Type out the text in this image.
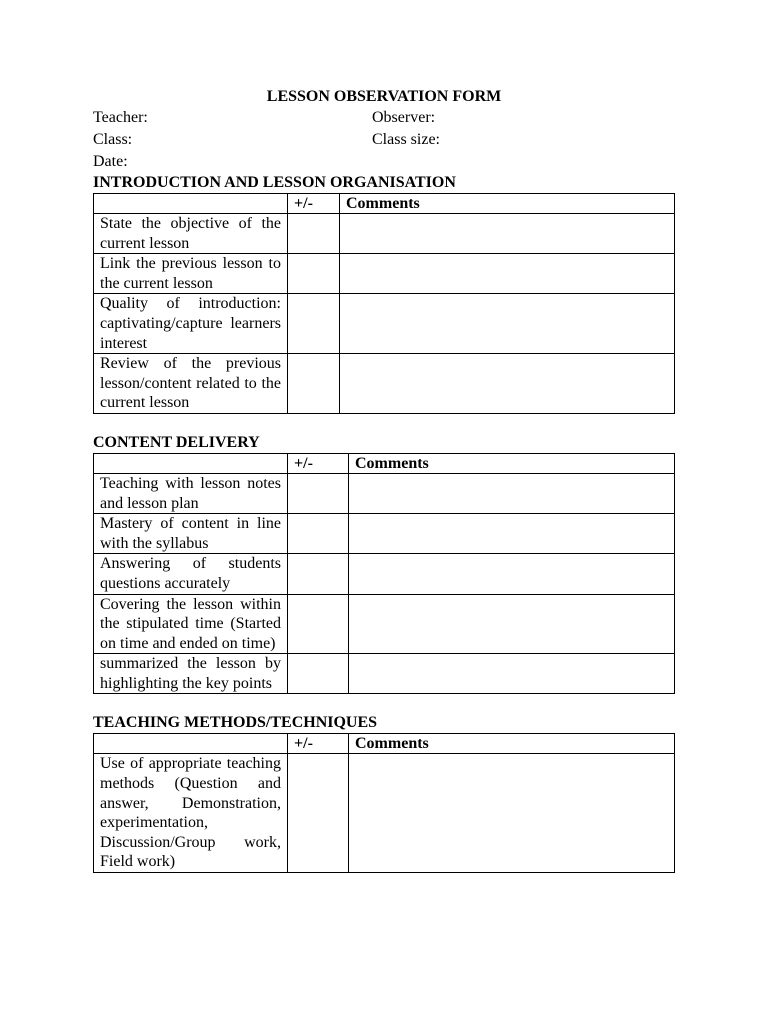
LESSON OBSERVATION FORM
Teacher:	Observer:
Class:	Class size:
Date:
INTRODUCTION AND LESSON ORGANISATION
	+/-	Comments
State the objective of the current lesson		
Link the previous lesson to the current lesson		
Quality of introduction: captivating/capture learners interest		
Review of the previous lesson/content related to the current lesson		
CONTENT DELIVERY
	+/-	Comments
Teaching with lesson notes and lesson plan		
Mastery of content in line with the syllabus		
Answering of students questions accurately		
Covering the lesson within the stipulated time (Started on time and ended on time)		
summarized the lesson by highlighting the key points		
TEACHING METHODS/TECHNIQUES
	+/-	Comments
Use of appropriate teaching methods (Question and answer, Demonstration, experimentation, Discussion/Group work, Field work)		
